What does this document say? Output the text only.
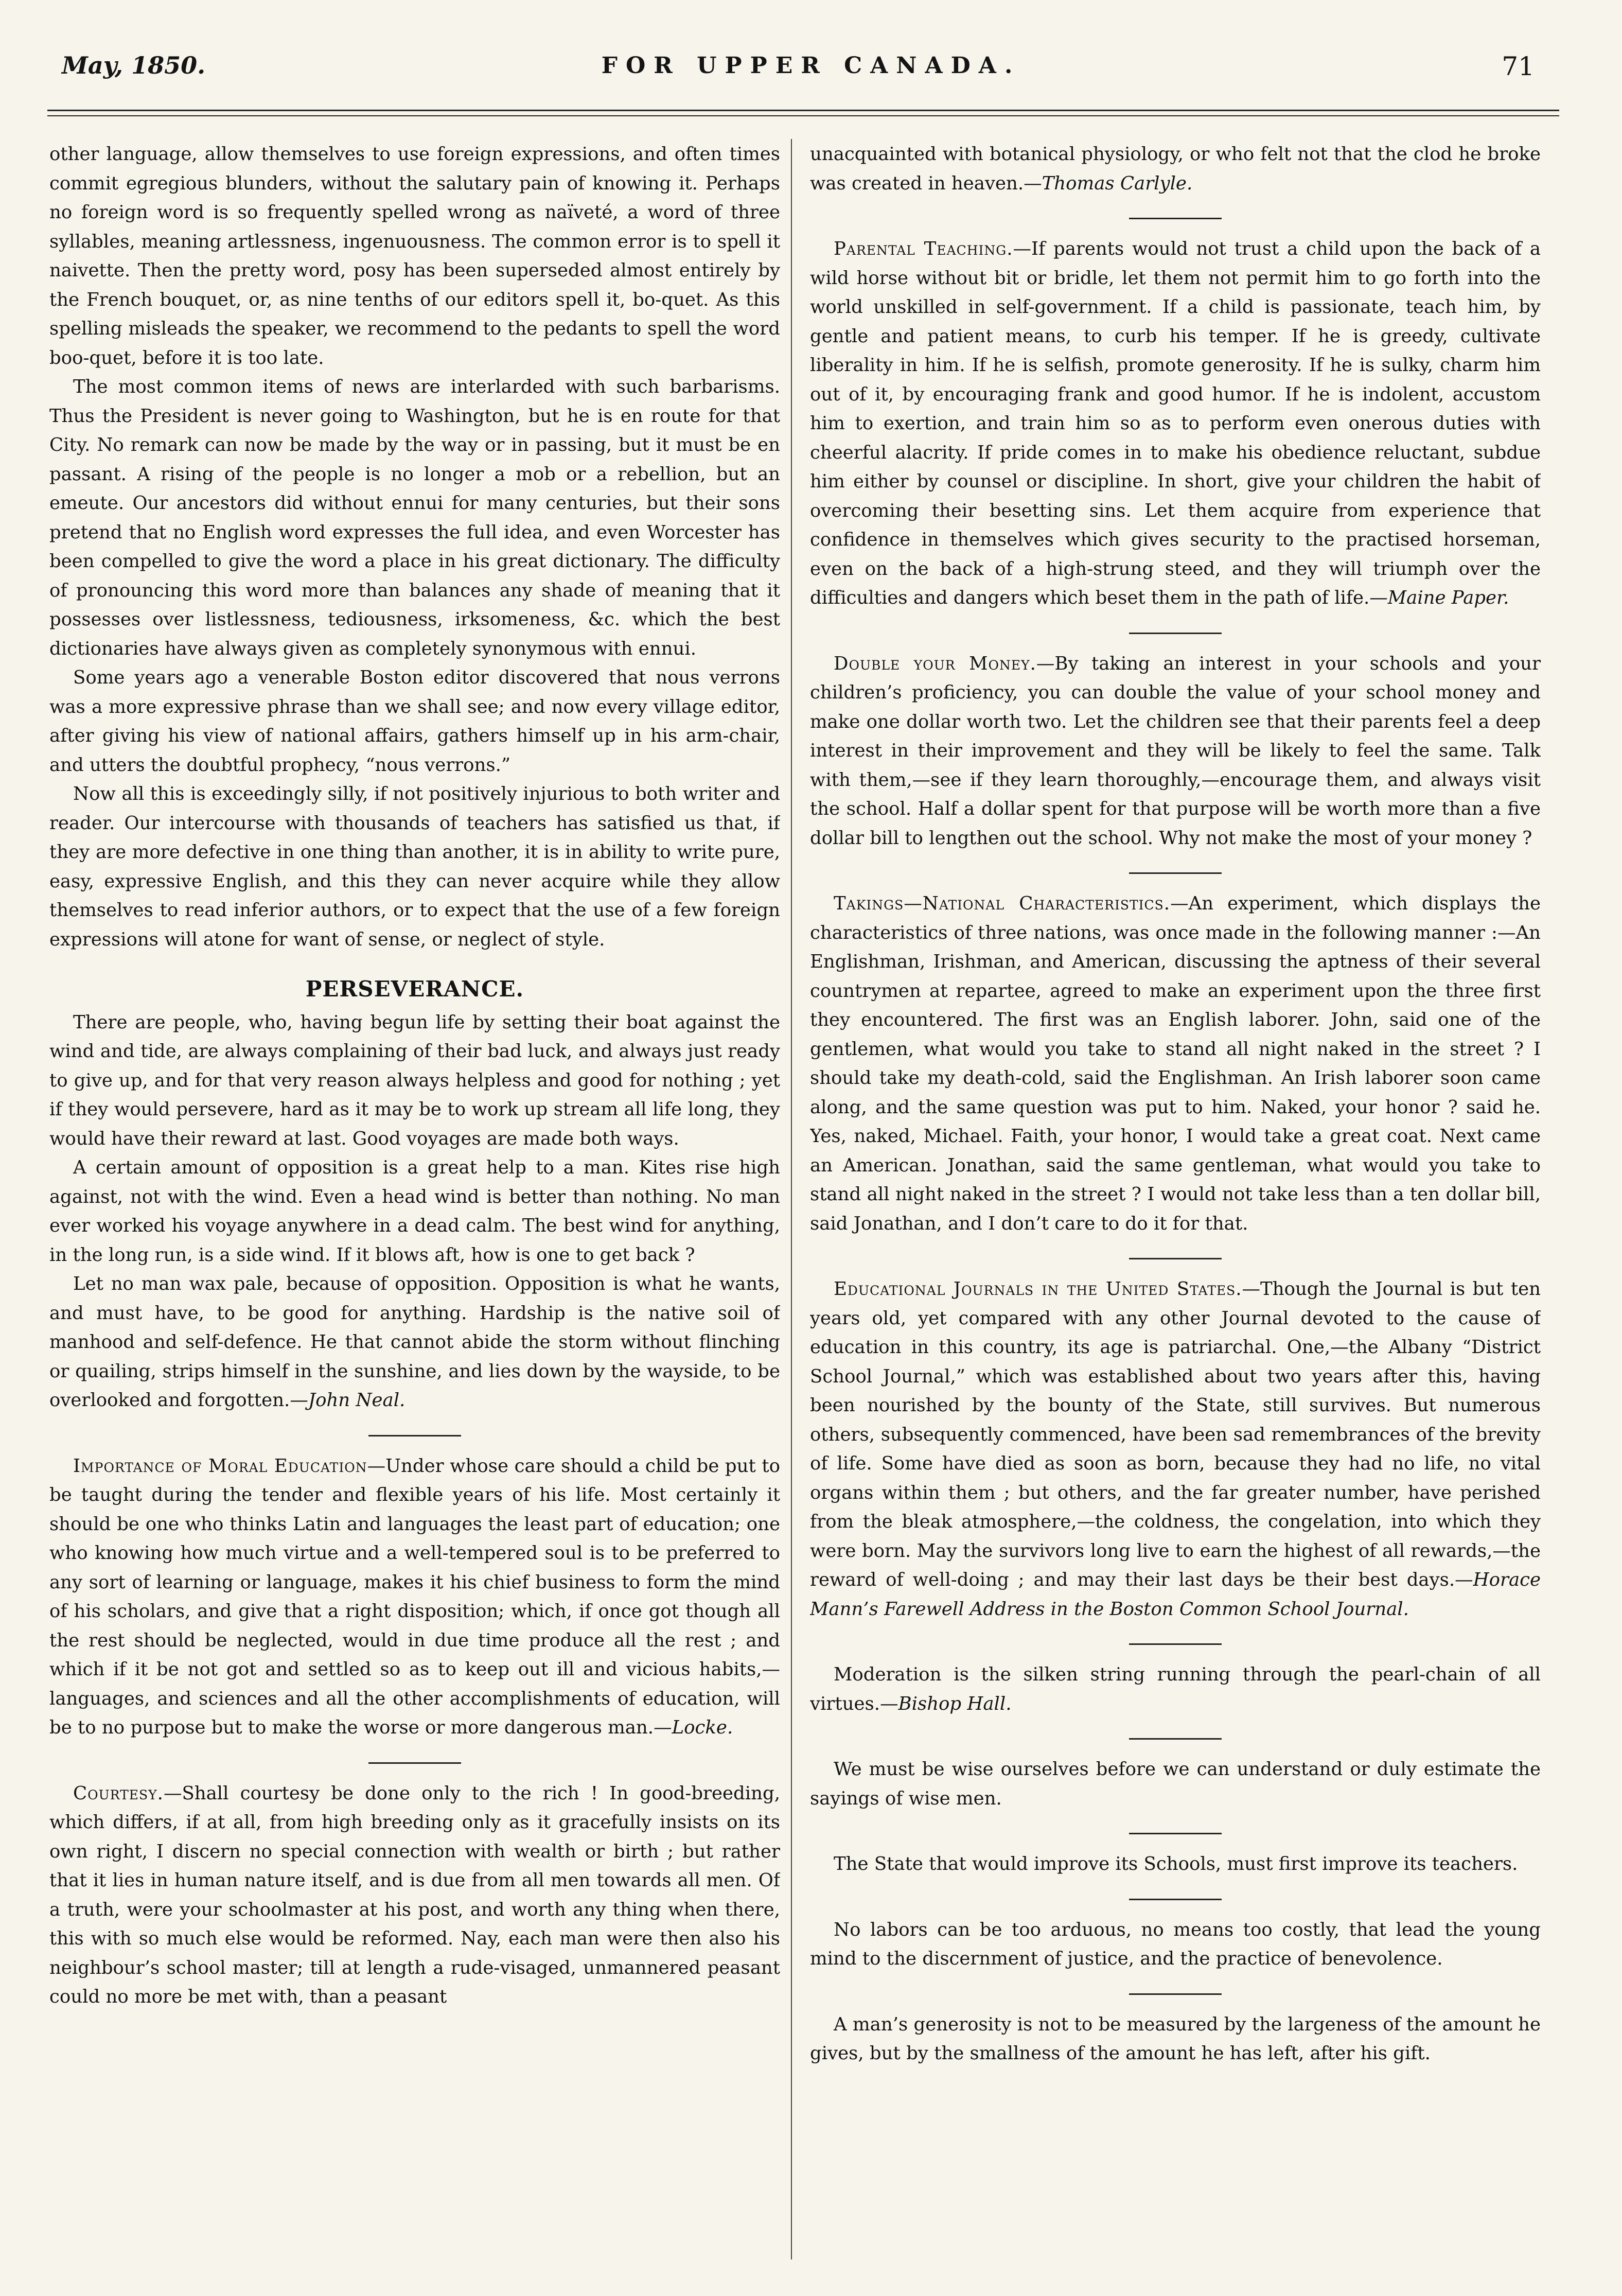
May, 1850.	FOR UPPER CANADA.	71

other language, allow themselves to use foreign expressions, and often times commit egregious blunders, without the salutary pain of knowing it. Perhaps no foreign word is so frequently spelled wrong as naïveté, a word of three syllables, meaning artlessness, ingenuousness. The common error is to spell it naivette. Then the pretty word, posy has been superseded almost entirely by the French bouquet, or, as nine tenths of our editors spell it, bo-quet. As this spelling misleads the speaker, we recommend to the pedants to spell the word boo-quet, before it is too late.

The most common items of news are interlarded with such barbarisms. Thus the President is never going to Washington, but he is en route for that City. No remark can now be made by the way or in passing, but it must be en passant. A rising of the people is no longer a mob or a rebellion, but an emeute. Our ancestors did without ennui for many centuries, but their sons pretend that no English word expresses the full idea, and even Worcester has been compelled to give the word a place in his great dictionary. The difficulty of pronouncing this word more than balances any shade of meaning that it possesses over listlessness, tediousness, irksomeness, &c. which the best dictionaries have always given as completely synonymous with ennui.

Some years ago a venerable Boston editor discovered that nous verrons was a more expressive phrase than we shall see; and now every village editor, after giving his view of national affairs, gathers himself up in his arm-chair, and utters the doubtful prophecy, “nous verrons.”

Now all this is exceedingly silly, if not positively injurious to both writer and reader. Our intercourse with thousands of teachers has satisfied us that, if they are more defective in one thing than another, it is in ability to write pure, easy, expressive English, and this they can never acquire while they allow themselves to read inferior authors, or to expect that the use of a few foreign expressions will atone for want of sense, or neglect of style.

PERSEVERANCE.

There are people, who, having begun life by setting their boat against the wind and tide, are always complaining of their bad luck, and always just ready to give up, and for that very reason always helpless and good for nothing ; yet if they would persevere, hard as it may be to work up stream all life long, they would have their reward at last. Good voyages are made both ways.

A certain amount of opposition is a great help to a man. Kites rise high against, not with the wind. Even a head wind is better than nothing. No man ever worked his voyage anywhere in a dead calm. The best wind for anything, in the long run, is a side wind. If it blows aft, how is one to get back ?

Let no man wax pale, because of opposition. Opposition is what he wants, and must have, to be good for anything. Hardship is the native soil of manhood and self-defence. He that cannot abide the storm without flinching or quailing, strips himself in the sunshine, and lies down by the wayside, to be overlooked and forgotten.—John Neal.

Importance of Moral Education—Under whose care should a child be put to be taught during the tender and flexible years of his life. Most certainly it should be one who thinks Latin and languages the least part of education; one who knowing how much virtue and a well-tempered soul is to be preferred to any sort of learning or language, makes it his chief business to form the mind of his scholars, and give that a right disposition; which, if once got though all the rest should be neglected, would in due time produce all the rest ; and which if it be not got and settled so as to keep out ill and vicious habits,—languages, and sciences and all the other accomplishments of education, will be to no purpose but to make the worse or more dangerous man.—Locke.

Courtesy.—Shall courtesy be done only to the rich ! In good-breeding, which differs, if at all, from high breeding only as it gracefully insists on its own right, I discern no special connection with wealth or birth ; but rather that it lies in human nature itself, and is due from all men towards all men. Of a truth, were your schoolmaster at his post, and worth any thing when there, this with so much else would be reformed. Nay, each man were then also his neighbour’s school master; till at length a rude-visaged, unmannered peasant could no more be met with, than a peasant

unacquainted with botanical physiology, or who felt not that the clod he broke was created in heaven.—Thomas Carlyle.

Parental Teaching.—If parents would not trust a child upon the back of a wild horse without bit or bridle, let them not permit him to go forth into the world unskilled in self-government. If a child is passionate, teach him, by gentle and patient means, to curb his temper. If he is greedy, cultivate liberality in him. If he is selfish, promote generosity. If he is sulky, charm him out of it, by encouraging frank and good humor. If he is indolent, accustom him to exertion, and train him so as to perform even onerous duties with cheerful alacrity. If pride comes in to make his obedience reluctant, subdue him either by counsel or discipline. In short, give your children the habit of overcoming their besetting sins. Let them acquire from experience that confidence in themselves which gives security to the practised horseman, even on the back of a high-strung steed, and they will triumph over the difficulties and dangers which beset them in the path of life.—Maine Paper.

Double your Money.—By taking an interest in your schools and your children’s proficiency, you can double the value of your school money and make one dollar worth two. Let the children see that their parents feel a deep interest in their improvement and they will be likely to feel the same. Talk with them,—see if they learn thoroughly,—encourage them, and always visit the school. Half a dollar spent for that purpose will be worth more than a five dollar bill to lengthen out the school. Why not make the most of your money ?

Takings—National Characteristics.—An experiment, which displays the characteristics of three nations, was once made in the following manner :—An Englishman, Irishman, and American, discussing the aptness of their several countrymen at repartee, agreed to make an experiment upon the three first they encountered. The first was an English laborer. John, said one of the gentlemen, what would you take to stand all night naked in the street ? I should take my death-cold, said the Englishman. An Irish laborer soon came along, and the same question was put to him. Naked, your honor ? said he. Yes, naked, Michael. Faith, your honor, I would take a great coat. Next came an American. Jonathan, said the same gentleman, what would you take to stand all night naked in the street ? I would not take less than a ten dollar bill, said Jonathan, and I don’t care to do it for that.

Educational Journals in the United States.—Though the Journal is but ten years old, yet compared with any other Journal devoted to the cause of education in this country, its age is patriarchal. One,—the Albany “District School Journal,” which was established about two years after this, having been nourished by the bounty of the State, still survives. But numerous others, subsequently commenced, have been sad remembrances of the brevity of life. Some have died as soon as born, because they had no life, no vital organs within them ; but others, and the far greater number, have perished from the bleak atmosphere,—the coldness, the congelation, into which they were born. May the survivors long live to earn the highest of all rewards,—the reward of well-doing ; and may their last days be their best days.—Horace Mann’s Farewell Address in the Boston Common School Journal.

Moderation is the silken string running through the pearl-chain of all virtues.—Bishop Hall.

We must be wise ourselves before we can understand or duly estimate the sayings of wise men.

The State that would improve its Schools, must first improve its teachers.

No labors can be too arduous, no means too costly, that lead the young mind to the discernment of justice, and the practice of benevolence.

A man’s generosity is not to be measured by the largeness of the amount he gives, but by the smallness of the amount he has left, after his gift.
